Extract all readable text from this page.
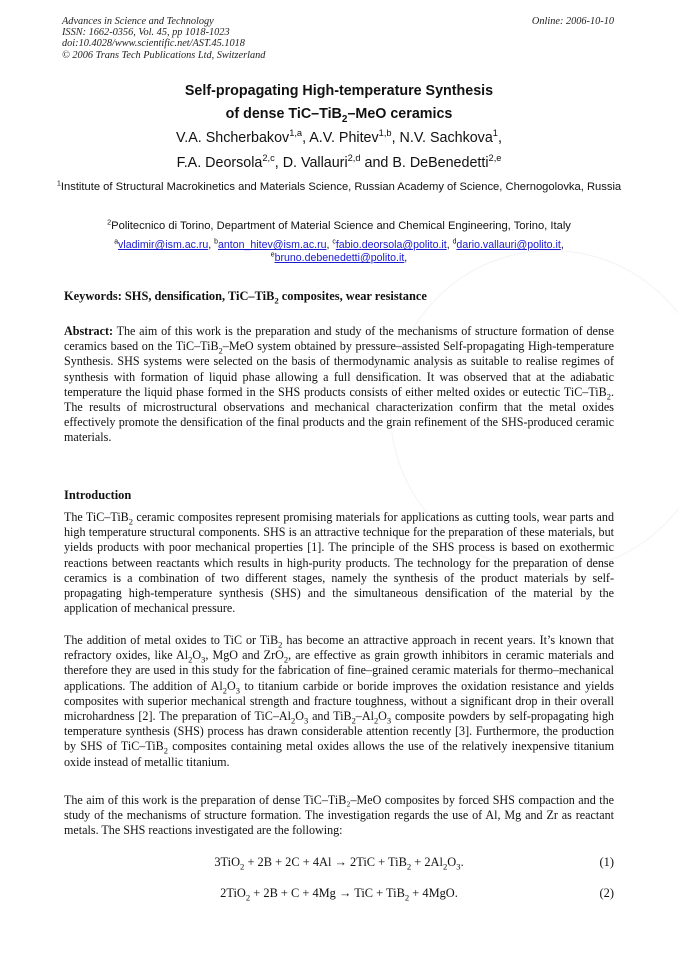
Advances in Science and Technology
ISSN: 1662-0356, Vol. 45, pp 1018-1023
doi:10.4028/www.scientific.net/AST.45.1018
© 2006 Trans Tech Publications Ltd, Switzerland
Online: 2006-10-10
Self-propagating High-temperature Synthesis
of dense TiC–TiB$_2$–MeO ceramics
V.A. Shcherbakov$^{1,a}$, A.V. Phitev$^{1,b}$, N.V. Sachkova$^1$,
F.A. Deorsola$^{2,c}$, D. Vallauri$^{2,d}$ and B. DeBenedetti$^{2,e}$
$^1$Institute of Structural Macrokinetics and Materials Science, Russian Academy of Science, Chernogolovka, Russia
$^2$Politecnico di Torino, Department of Material Science and Chemical Engineering, Torino, Italy
$^a$vladimir@ism.ac.ru, $^b$anton_hitev@ism.ac.ru, $^c$fabio.deorsola@polito.it, $^d$dario.vallauri@polito.it,
$^e$bruno.debenedetti@polito.it,
Keywords: SHS, densification, TiC–TiB$_2$ composites, wear resistance
Abstract: The aim of this work is the preparation and study of the mechanisms of structure formation of dense ceramics based on the TiC–TiB$_2$–MeO system obtained by pressure–assisted Self-propagating High-temperature Synthesis. SHS systems were selected on the basis of thermodynamic analysis as suitable to realise regimes of synthesis with formation of liquid phase allowing a full densification. It was observed that at the adiabatic temperature the liquid phase formed in the SHS products consists of either melted oxides or eutectic TiC–TiB$_2$. The results of microstructural observations and mechanical characterization confirm that the metal oxides effectively promote the densification of the final products and the grain refinement of the SHS-produced ceramic materials.
Introduction
The TiC–TiB$_2$ ceramic composites represent promising materials for applications as cutting tools, wear parts and high temperature structural components. SHS is an attractive technique for the preparation of these materials, but yields products with poor mechanical properties [1]. The principle of the SHS process is based on exothermic reactions between reactants which results in high-purity products. The technology for the preparation of dense ceramics is a combination of two different stages, namely the synthesis of the product materials by self-propagating high-temperature synthesis (SHS) and the simultaneous densification of the material by the application of mechanical pressure.
The addition of metal oxides to TiC or TiB$_2$ has become an attractive approach in recent years. It’s known that refractory oxides, like $Al_2O_3$, MgO and ZrO$_2$, are effective as grain growth inhibitors in ceramic materials and therefore they are used in this study for the fabrication of fine–grained ceramic materials for thermo–mechanical applications. The addition of $Al_2O_3$ to titanium carbide or boride improves the oxidation resistance and yields composites with superior mechanical strength and fracture toughness, without a significant drop in their overall microhardness [2]. The preparation of TiC–$Al_2O_3$ and $TiB_2-Al_2O_3$ composite powders by self-propagating high temperature synthesis (SHS) process has drawn considerable attention recently [3]. Furthermore, the production by SHS of TiC–TiB$_2$ composites containing metal oxides allows the use of the relatively inexpensive titanium oxide instead of metallic titanium.
The aim of this work is the preparation of dense TiC–TiB₂–MeO composites by forced SHS compaction and the study of the mechanisms of structure formation. The investigation regards the use of Al, Mg and Zr as reactant metals. The SHS reactions investigated are the following:
$3TiO_2 + 2B + 2C + 4Al \to 2TiC + TiB_2 + 2Al_2O_3$.	(1)
2TiO$_2$ + 2B + C + 4Mg → TiC + TiB$_2$ + 4MgO.	(2)
